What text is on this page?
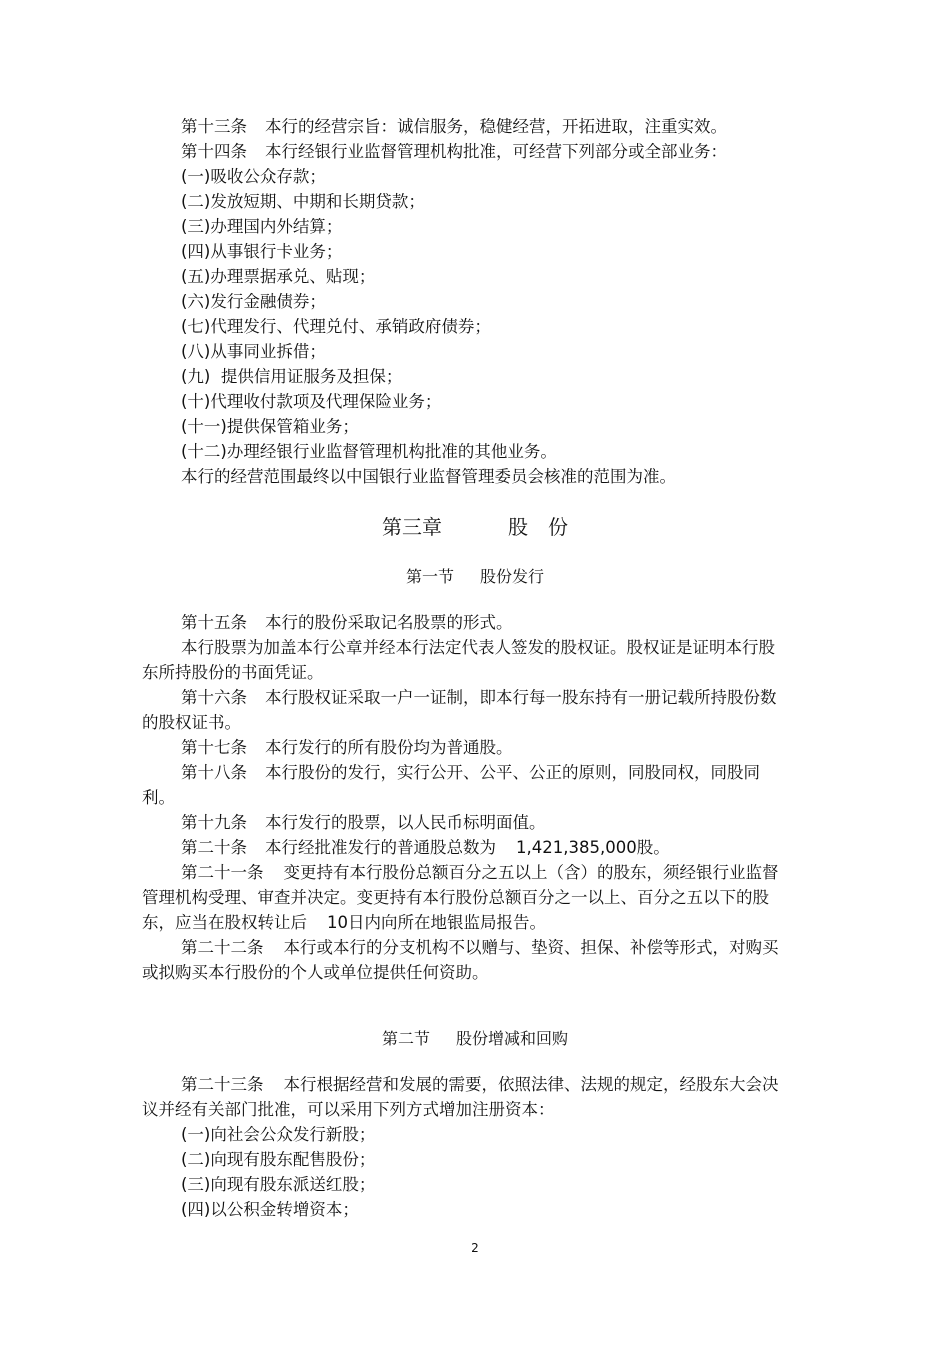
第十三条 本行的经营宗旨：诚信服务，稳健经营，开拓进取，注重实效。

第十四条 本行经银行业监督管理机构批准，可经营下列部分或全部业务：

(一)吸收公众存款；

(二)发放短期、中期和长期贷款；

(三)办理国内外结算；

(四)从事银行卡业务；

(五)办理票据承兑、贴现；

(六)发行金融债券；

(七)代理发行、代理兑付、承销政府债券；

(八)从事同业拆借；

(九)  提供信用证服务及担保；

(十)代理收付款项及代理保险业务；

(十一)提供保管箱业务；

(十二)办理经银行业监督管理机构批准的其他业务。

本行的经营范围最终以中国银行业监督管理委员会核准的范围为准。

第三章	股　份
第一节 股份发行

第十五条 本行的股份采取记名股票的形式。

本行股票为加盖本行公章并经本行法定代表人签发的股权证。股权证是证明本行股东所持股份的书面凭证。

第十六条 本行股权证采取一户一证制，即本行每一股东持有一册记载所持股份数的股权证书。

第十七条 本行发行的所有股份均为普通股。

第十八条 本行股份的发行，实行公开、公平、公正的原则，同股同权，同股同利。

第十九条 本行发行的股票，以人民币标明面值。

第二十条 本行经批准发行的普通股总数为 1,421,385,000股。

第二十一条 变更持有本行股份总额百分之五以上（含）的股东，须经银行业监督管理机构受理、审查并决定。变更持有本行股份总额百分之一以上、百分之五以下的股东，应当在股权转让后 10日内向所在地银监局报告。

第二十二条 本行或本行的分支机构不以赠与、垫资、担保、补偿等形式，对购买或拟购买本行股份的个人或单位提供任何资助。

第二节 股份增减和回购

第二十三条 本行根据经营和发展的需要，依照法律、法规的规定，经股东大会决议并经有关部门批准，可以采用下列方式增加注册资本：

(一)向社会公众发行新股；

(二)向现有股东配售股份；

(三)向现有股东派送红股；

(四)以公积金转增资本；

2
